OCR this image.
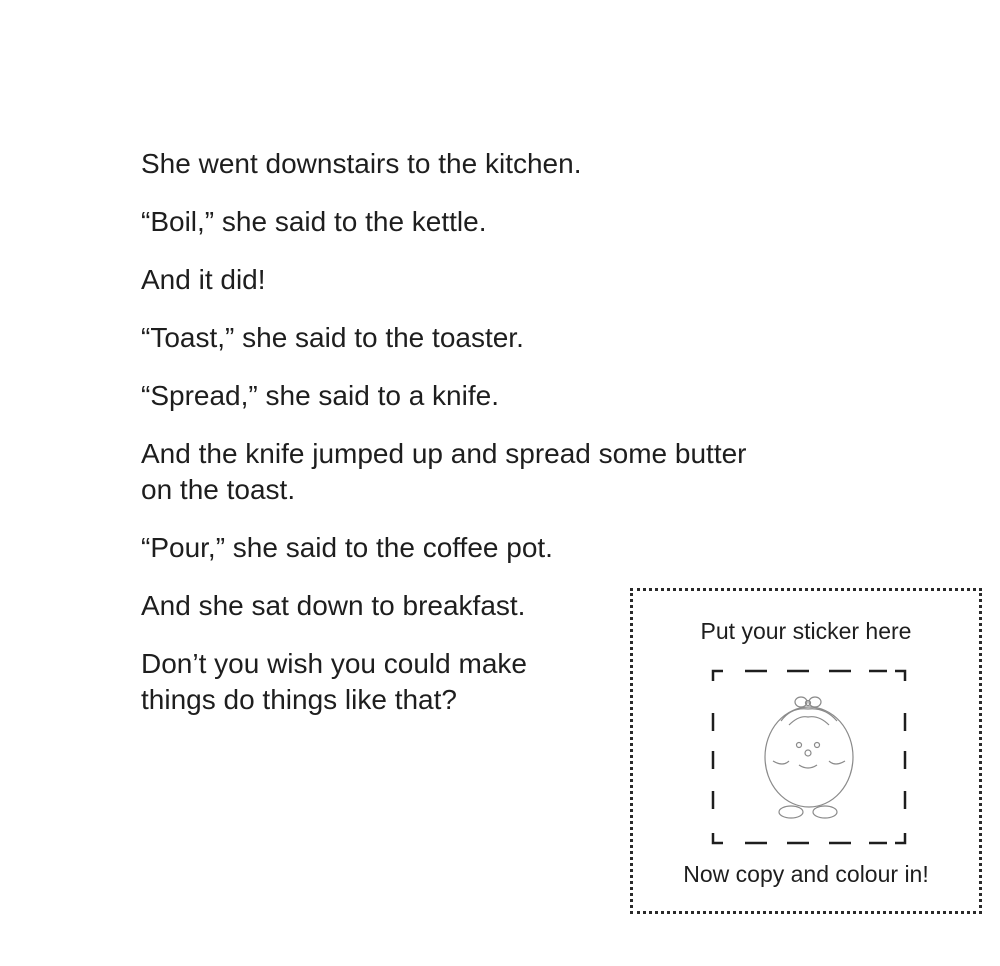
She went downstairs to the kitchen.

“Boil,” she said to the kettle.

And it did!

“Toast,” she said to the toaster.

“Spread,” she said to a knife.

And the knife jumped up and spread some butter
on the toast.

“Pour,” she said to the coffee pot.

And she sat down to breakfast.

Don’t you wish you could make
things do things like that?

Put your sticker here
Now copy and colour in!
